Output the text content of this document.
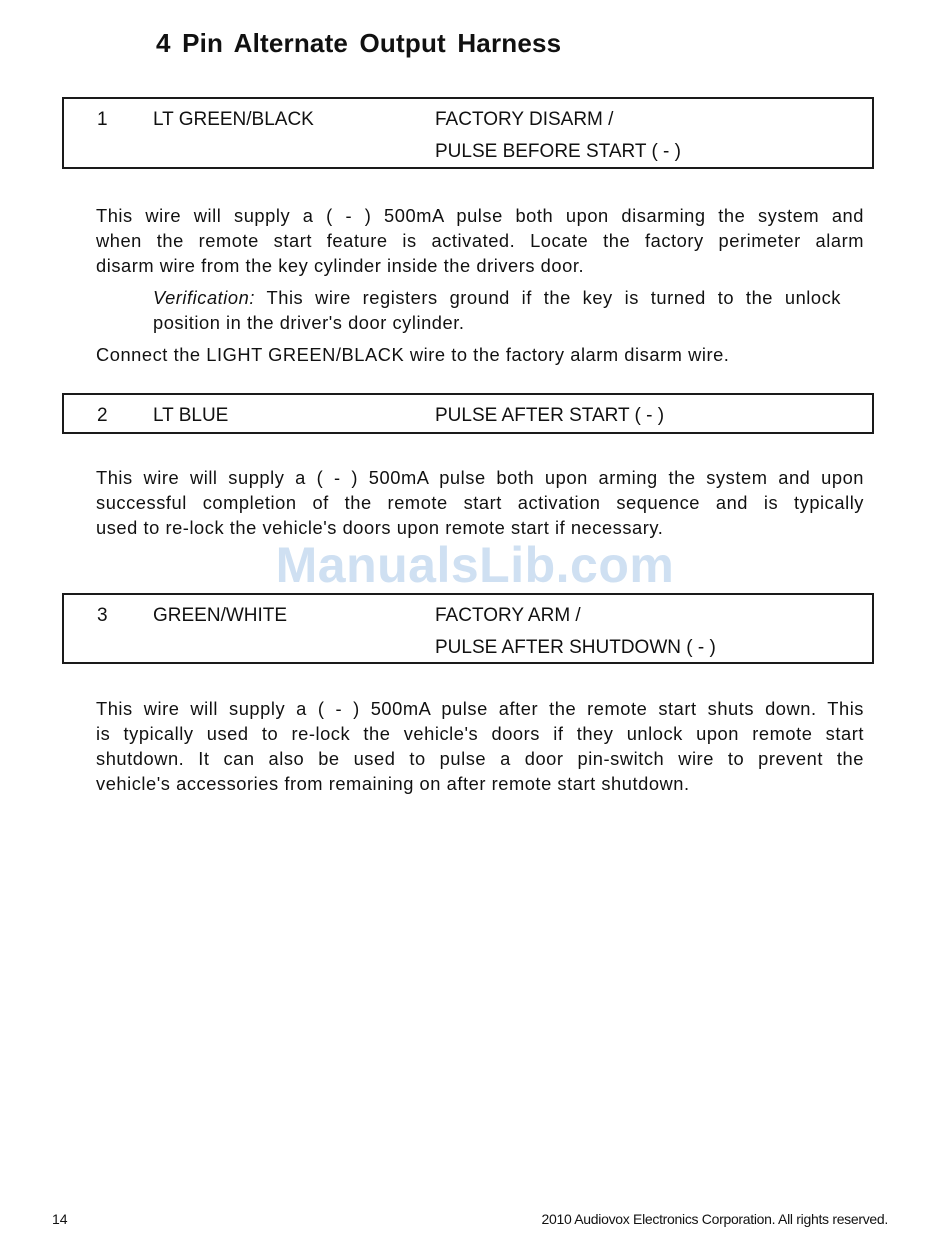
4 Pin Alternate Output Harness
1 LT GREEN/BLACK	FACTORY DISARM /
PULSE BEFORE START ( - )

This wire will supply a ( - ) 500mA pulse both upon disarming the system and
when the remote start feature is activated. Locate the factory perimeter alarm
disarm wire from the key cylinder inside the drivers door.

Verification: This wire registers ground if the key is turned to the unlock
position in the driver's door cylinder.

Connect the LIGHT GREEN/BLACK wire to the factory alarm disarm wire.

2 LT BLUE	PULSE AFTER START ( - )

This wire will supply a ( - ) 500mA pulse both upon arming the system and upon
successful completion of the remote start activation sequence and is typically
used to re-lock the vehicle's doors upon remote start if necessary.

ManualsLib.com
3 GREEN/WHITE	FACTORY ARM /
PULSE AFTER SHUTDOWN ( - )

This wire will supply a ( - ) 500mA pulse after the remote start shuts down. This
is typically used to re-lock the vehicle's doors if they unlock upon remote start
shutdown. It can also be used to pulse a door pin-switch wire to prevent the
vehicle's accessories from remaining on after remote start shutdown.

14	2010 Audiovox Electronics Corporation. All rights reserved.
